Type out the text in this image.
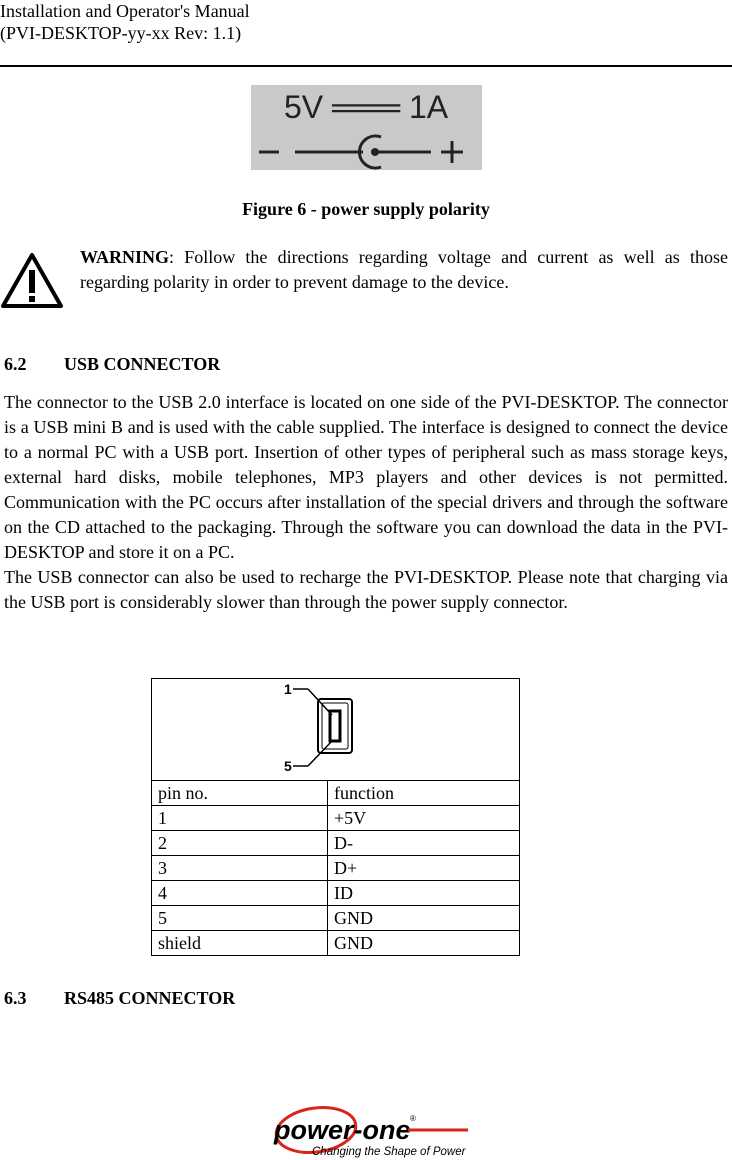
Installation and Operator's Manual
(PVI-DESKTOP-yy-xx Rev: 1.1)
5V ═══ 1A
Figure 6 - power supply polarity
WARNING: Follow the directions regarding voltage and current as well as those regarding polarity in order to prevent damage to the device.
6.2 USB CONNECTOR

The connector to the USB 2.0 interface is located on one side of the PVI-DESKTOP. The connector is a USB mini B and is used with the cable supplied. The interface is designed to connect the device to a normal PC with a USB port. Insertion of other types of peripheral such as mass storage keys, external hard disks, mobile telephones, MP3 players and other devices is not permitted. Communication with the PC occurs after installation of the special drivers and through the software on the CD attached to the packaging. Through the software you can download the data in the PVI-DESKTOP and store it on a PC.

The USB connector can also be used to recharge the PVI-DESKTOP. Please note that charging via the USB port is considerably slower than through the power supply connector.

1
5	

pin no.	function
1	+5V
2	D-
3	D+
4	ID
5	GND
shield	GND
6.3 RS485 CONNECTOR
power-one ®
Changing the Shape of Power
